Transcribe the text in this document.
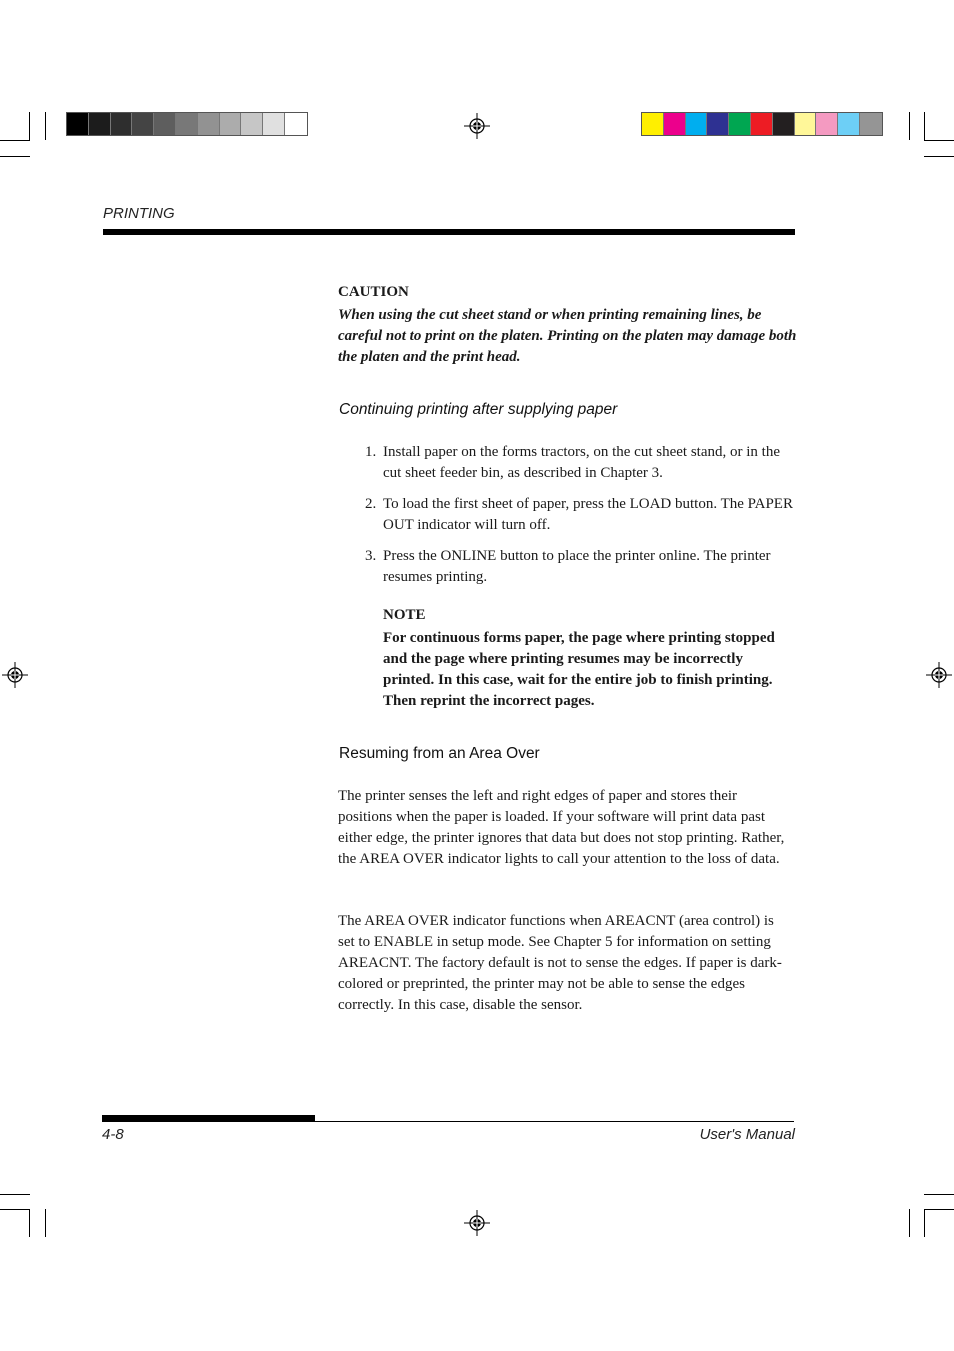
PRINTING
CAUTION
When using the cut sheet stand or when printing remaining lines, be careful not to print on the platen. Printing on the platen may damage both the platen and the print head.
Continuing printing after supplying paper
1. Install paper on the forms tractors, on the cut sheet stand, or in the cut sheet feeder bin, as described in Chapter 3.
2. To load the first sheet of paper, press the LOAD button. The PAPER OUT indicator will turn off.
3. Press the ONLINE button to place the printer online. The printer resumes printing.
NOTE
For continuous forms paper, the page where printing stopped and the page where printing resumes may be incorrectly printed. In this case, wait for the entire job to finish printing. Then reprint the incorrect pages.
Resuming from an Area Over
The printer senses the left and right edges of paper and stores their positions when the paper is loaded. If your software will print data past either edge, the printer ignores that data but does not stop printing. Rather, the AREA OVER indicator lights to call your attention to the loss of data.
The AREA OVER indicator functions when AREACNT (area control) is set to ENABLE in setup mode. See Chapter 5 for information on setting AREACNT. The factory default is not to sense the edges. If paper is dark-colored or preprinted, the printer may not be able to sense the edges correctly. In this case, disable the sensor.
4-8	User's Manual
